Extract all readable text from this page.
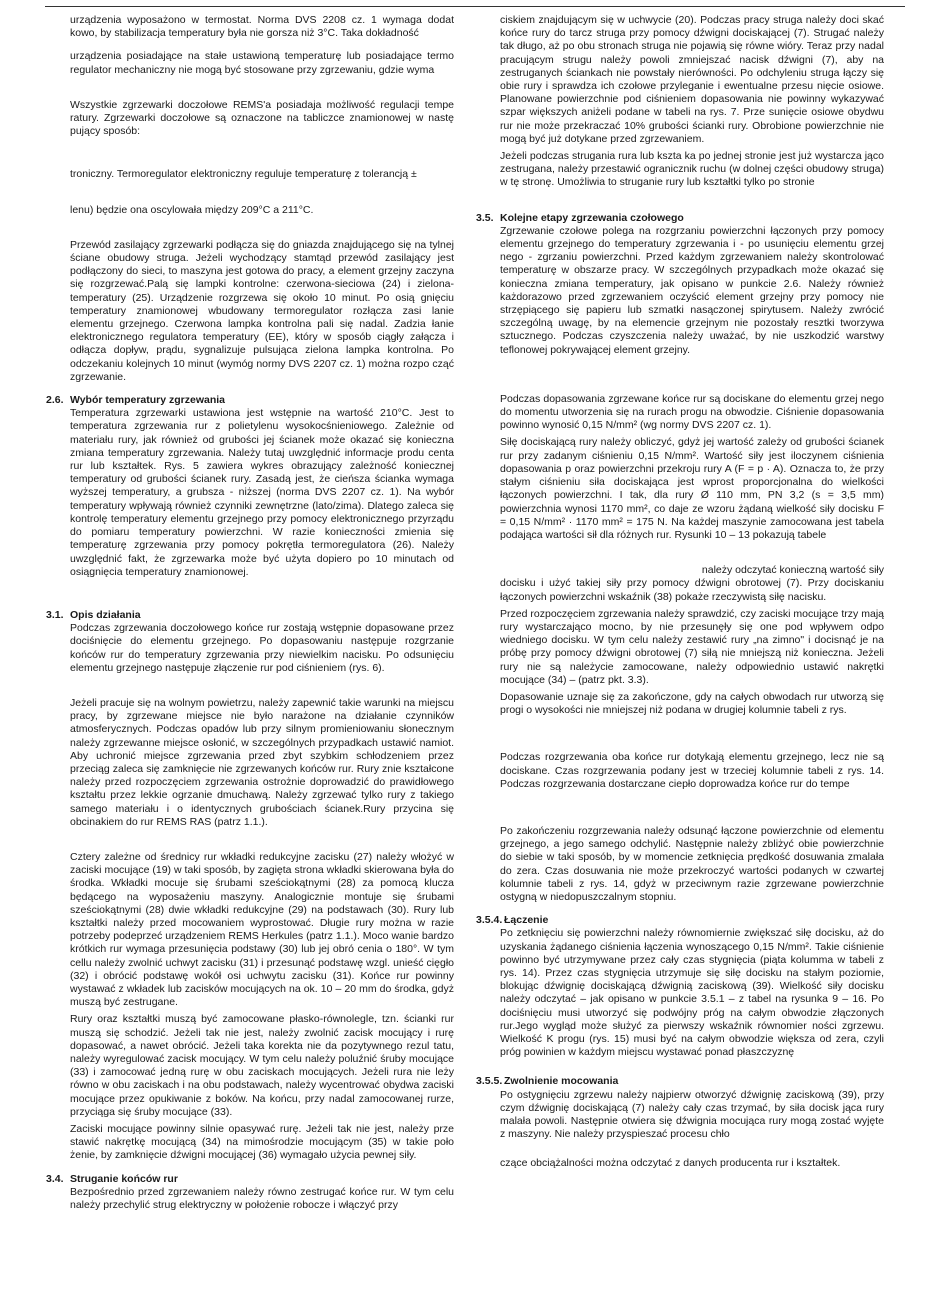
urządzenia wyposażono w termostat. Norma DVS 2208 cz. 1 wymaga dodat kowo, by stabilizacja temperatury była nie gorsza niż 3°C. Taka dokładność

urządzenia posiadające na stałe ustawioną temperaturę lub posiadające termo regulator mechaniczny nie mogą być stosowane przy zgrzewaniu, gdzie wyma

Wszystkie zgrzewarki doczołowe REMS'a posiadaja możliwość regulacji tempe ratury. Zgrzewarki doczołowe są oznaczone na tabliczce znamionowej w nastę pujący sposób:

troniczny. Termoregulator elektroniczny reguluje temperaturę z tolerancją ±

lenu) będzie ona oscylowała między 209°C a 211°C.

Przewód zasilający zgrzewarki podłącza się do gniazda znajdującego się na tylnej ściane obudowy struga. Jeżeli wychodzący stamtąd przewód zasilający jest podłączony do sieci, to maszyna jest gotowa do pracy, a element grzejny zaczyna się rozgrzewać.Palą się lampki kontrolne: czerwona-sieciowa (24) i zielona- temperatury (25). Urządzenie rozgrzewa się około 10 minut. Po osią gnięciu temperatury znamionowej wbudowany termoregulator rozłącza zasi lanie elementu grzejnego. Czerwona lampka kontrolna pali się nadal. Zadzia łanie elektronicznego regulatora temperatury (EE), który w sposób ciągły załącza i odłącza dopływ, prądu, sygnalizuje pulsująca zielona lampka kontrolna. Po odczekaniu kolejnych 10 minut (wymóg normy DVS 2207 cz. 1) można rozpo cząć zgrzewanie.

2.6. Wybór temperatury zgrzewania

Temperatura zgrzewarki ustawiona jest wstępnie na wartość 210°C. Jest to temperatura zgrzewania rur z polietylenu wysokocśnieniowego. Zależnie od materiału rury, jak również od grubości jej ścianek może okazać się konieczna zmiana temperatury zgrzewania. Należy tutaj uwzględnić informacje produ centa rur lub kształtek. Rys. 5 zawiera wykres obrazujący zależność koniecznej temperatury od grubości ścianek rury. Zasadą jest, że cieńsza ścianka wymaga wyższej temperatury, a grubsza - niższej (norma DVS 2207 cz. 1). Na wybór temperatury wpływają również czynniki zewnętrzne (lato/zima). Dlatego zaleca się kontrolę temperatury elementu grzejnego przy pomocy elektronicznego przyrządu do pomiaru temperatury powierzchni. W razie konieczności zmienia się temperaturę zgrzewania przy pomocy pokrętła termoregulatora (26). Należy uwzględnić fakt, że zgrzewarka może być użyta dopiero po 10 minutach od osiągnięcia temperatury znamionowej.

3.1. Opis działania

Podczas zgrzewania doczołowego końce rur zostają wstępnie dopasowane przez dociśnięcie do elementu grzejnego. Po dopasowaniu następuje rozgrzanie końców rur do temperatury zgrzewania przy niewielkim nacisku. Po odsunięciu elementu grzejnego następuje złączenie rur pod ciśnieniem (rys. 6).

Jeżeli pracuje się na wolnym powietrzu, należy zapewnić takie warunki na miejscu pracy, by zgrzewane miejsce nie było narażone na działanie czynników atmosferycznych. Podczas opadów lub przy silnym promieniowaniu słonecznym należy zgrzewanne miejsce osłonić, w szczególnych przypadkach ustawić namiot. Aby uchronić miejsce zgrzewania przed zbyt szybkim schłodzeniem przez przeciąg zaleca się zamknięcie nie zgrzewanych końców rur. Rury znie kształcone należy przed rozpoczęciem zgrzewania ostrożnie doprowadzić do prawidłowego kształtu przez lekkie ogrzanie dmuchawą. Należy zgrzewać tylko rury z takiego samego materiału i o identycznych grubościach ścianek.Rury przycina się obcinakiem do rur REMS RAS (patrz 1.1.).

Cztery zależne od średnicy rur wkładki redukcyjne zacisku (27) należy włożyć w zaciski mocujące (19) w taki sposób, by zagięta strona wkładki skierowana była do środka. Wkładki mocuje się śrubami sześciokątnymi (28) za pomocą klucza będącego na wyposażeniu maszyny. Analogicznie montuje się śrubami sześciokątnymi (28) dwie wkładki redukcyjne (29) na podstawach (30). Rury lub kształtki należy przed mocowaniem wyprostować. Długie rury można w razie potrzeby podeprzeć urządzeniem REMS Herkules (patrz 1.1.). Moco wanie bardzo krótkich rur wymaga przesunięcia podstawy (30) lub jej obró cenia o 180°. W tym cellu należy zwolnić uchwyt zacisku (31) i przesunąć podstawę wzgl. unieść cięgło (32) i obrócić podstawę wokół osi uchwytu zacisku (31). Końce rur powinny wystawać z wkładek lub zacisków mocujących na ok. 10 – 20 mm do środka, gdyż muszą być zestrugane.

Rury oraz kształtki muszą być zamocowane płasko-równolegle, tzn. ścianki rur muszą się schodzić. Jeżeli tak nie jest, należy zwolnić zacisk mocujący i rurę dopasować, a nawet obrócić. Jeżeli taka korekta nie da pozytywnego rezul tatu, należy wyregulować zacisk mocujący. W tym celu należy poluźnić śruby mocujące (33) i zamocować jedną rurę w obu zaciskach mocujących. Jeżeli rura nie leży równo w obu zaciskach i na obu podstawach, należy wycentrować obydwa zaciski mocujące przez opukiwanie z boków. Na końcu, przy nadal zamocowanej rurze, przyciąga się śruby mocujące (33).

Zaciski mocujące powinny silnie opasywać rurę. Jeżeli tak nie jest, należy prze stawić nakrętkę mocującą (34) na mimośrodzie mocującym (35) w takie poło żenie, by zamknięcie dźwigni mocującej (36) wymagało użycia pewnej siły.

3.4. Struganie końców rur

Bezpośrednio przed zgrzewaniem należy równo zestrugać końce rur. W tym celu należy przechylić strug elektryczny w położenie robocze i włączyć przy

ciskiem znajdującym się w uchwycie (20). Podczas pracy struga należy doci skać końce rury do tarcz struga przy pomocy dźwigni dociskającej (7). Strugać należy tak długo, aż po obu stronach struga nie pojawią się równe wióry. Teraz przy nadal pracującym strugu należy powoli zmniejszać nacisk dźwigni (7), aby na zestruganych ściankach nie powstały nierówności. Po odchyleniu struga łączy się obie rury i sprawdza ich czołowe przyleganie i ewentualne przesu nięcie osiowe. Planowane powierzchnie pod ciśnieniem dopasowania nie powinny wykazywać szpar większych aniżeli podane w tabeli na rys. 7. Prze sunięcie osiowe obydwu rur nie może przekraczać 10% grubości ścianki rury. Obrobione powierzchnie nie mogą być już dotykane przed zgrzewaniem.

Jeżeli podczas strugania rura lub kszta ka po jednej stronie jest już wystarcza jąco zestrugana, należy przestawić ogranicznik ruchu (w dolnej części obudowy struga) w tę stronę. Umożliwia to struganie rury lub kształtki tylko po stronie

3.5. Kolejne etapy zgrzewania czołowego

Zgrzewanie czołowe polega na rozgrzaniu powierzchni łączonych przy pomocy elementu grzejnego do temperatury zgrzewania i - po usunięciu elementu grzej nego - zgrzaniu powierzchni. Przed każdym zgrzewaniem należy skontrolować temperaturę w obszarze pracy. W szczególnych przypadkach może okazać się konieczna zmiana temperatury, jak opisano w punkcie 2.6. Należy również każdorazowo przed zgrzewaniem oczyścić element grzejny przy pomocy nie strzępiącego się papieru lub szmatki nasączonej spirytusem. Należy zwrócić szczególną uwagę, by na elemencie grzejnym nie pozostały resztki tworzywa sztucznego. Podczas czyszczenia należy uważać, by nie uszkodzić warstwy teflonowej pokrywającej element grzejny.

Podczas dopasowania zgrzewane końce rur są dociskane do elementu grzej nego do momentu utworzenia się na rurach progu na obwodzie. Ciśnienie dopasowania powinno wynosić 0,15 N/mm² (wg normy DVS 2207 cz. 1).

Siłę dociskającą rury należy obliczyć, gdyż jej wartość zależy od grubości ścianek rur przy zadanym ciśnieniu 0,15 N/mm². Wartość siły jest iloczynem ciśnienia dopasowania p oraz powierzchni przekroju rury A (F = p · A). Oznacza to, że przy stałym ciśnieniu siła dociskająca jest wprost proporcjonalna do wielkości łączonych powierzchni. I tak, dla rury Ø 110 mm, PN 3,2 (s = 3,5 mm) powierzchnia wynosi 1170 mm², co daje ze wzoru żądaną wielkość siły docisku F = 0,15 N/mm² · 1170 mm² = 175 N. Na każdej maszynie zamocowana jest tabela podająca wartości sił dla różnych rur. Rysunki 10 – 13 pokazują tabele

należy odczytać konieczną wartość siły

docisku i użyć takiej siły przy pomocy dźwigni obrotowej (7). Przy dociskaniu łączonych powierzchni wskaźnik (38) pokaże rzeczywistą siłę nacisku.

Przed rozpoczęciem zgrzewania należy sprawdzić, czy zaciski mocujące trzy mają rury wystarczająco mocno, by nie przesunęły się one pod wpływem odpo wiedniego docisku. W tym celu należy zestawić rury „na zimno" i docisnąć je na próbę przy pomocy dźwigni obrotowej (7) siłą nie mniejszą niż konieczna. Jeżeli rury nie są należycie zamocowane, należy odpowiednio ustawić nakrętki mocujące (34) – (patrz pkt. 3.3).

Dopasowanie uznaje się za zakończone, gdy na całych obwodach rur utworzą się progi o wysokości nie mniejszej niż podana w drugiej kolumnie tabeli z rys.

Podczas rozgrzewania oba końce rur dotykają elementu grzejnego, lecz nie są dociskane. Czas rozgrzewania podany jest w trzeciej kolumnie tabeli z rys. 14. Podczas rozgrzewania dostarczane ciepło doprowadza końce rur do tempe

Po zakończeniu rozgrzewania należy odsunąć łączone powierzchnie od elementu grzejnego, a jego samego odchylić. Następnie należy zbliżyć obie powierzchnie do siebie w taki sposób, by w momencie zetknięcia prędkość dosuwania zmalała do zera. Czas dosuwania nie może przekroczyć wartości podanych w czwartej kolumnie tabeli z rys. 14, gdyż w przeciwnym razie zgrzewane powierzchnie ostygną w niedopuszczalnym stopniu.

3.5.4. Łączenie

Po zetknięciu się powierzchni należy równomiernie zwiększać siłę docisku, aż do uzyskania żądanego ciśnienia łączenia wynoszącego 0,15 N/mm². Takie ciśnienie powinno być utrzymywane przez cały czas stygnięcia (piąta kolumma w tabeli z rys. 14). Przez czas stygnięcia utrzymuje się siłę docisku na stałym poziomie, blokując dźwignię dociskającą dźwignią zaciskową (39). Wielkość siły docisku należy odczytać – jak opisano w punkcie 3.5.1 – z tabel na rysunka 9 – 16. Po dociśnięciu musi utworzyć się podwójny próg na całym obwodzie złączonych rur.Jego wygląd może służyć za pierwszy wskaźnik równomier ności zgrzewu. Wielkość K progu (rys. 15) musi być na całym obwodzie większa od zera, czyli próg powinien w każdym miejscu wystawać ponad płaszczyznę

3.5.5. Zwolnienie mocowania

Po ostygnięciu zgrzewu należy najpierw otworzyć dźwignię zaciskową (39), przy czym dźwignię dociskającą (7) należy cały czas trzymać, by siła docisk jąca rury malała powoli. Następnie otwiera się dźwignia mocująca rury mogą zostać wyjęte z maszyny. Nie należy przyspieszać procesu chło

czące obciążalności można odczytać z danych producenta rur i kształtek.
